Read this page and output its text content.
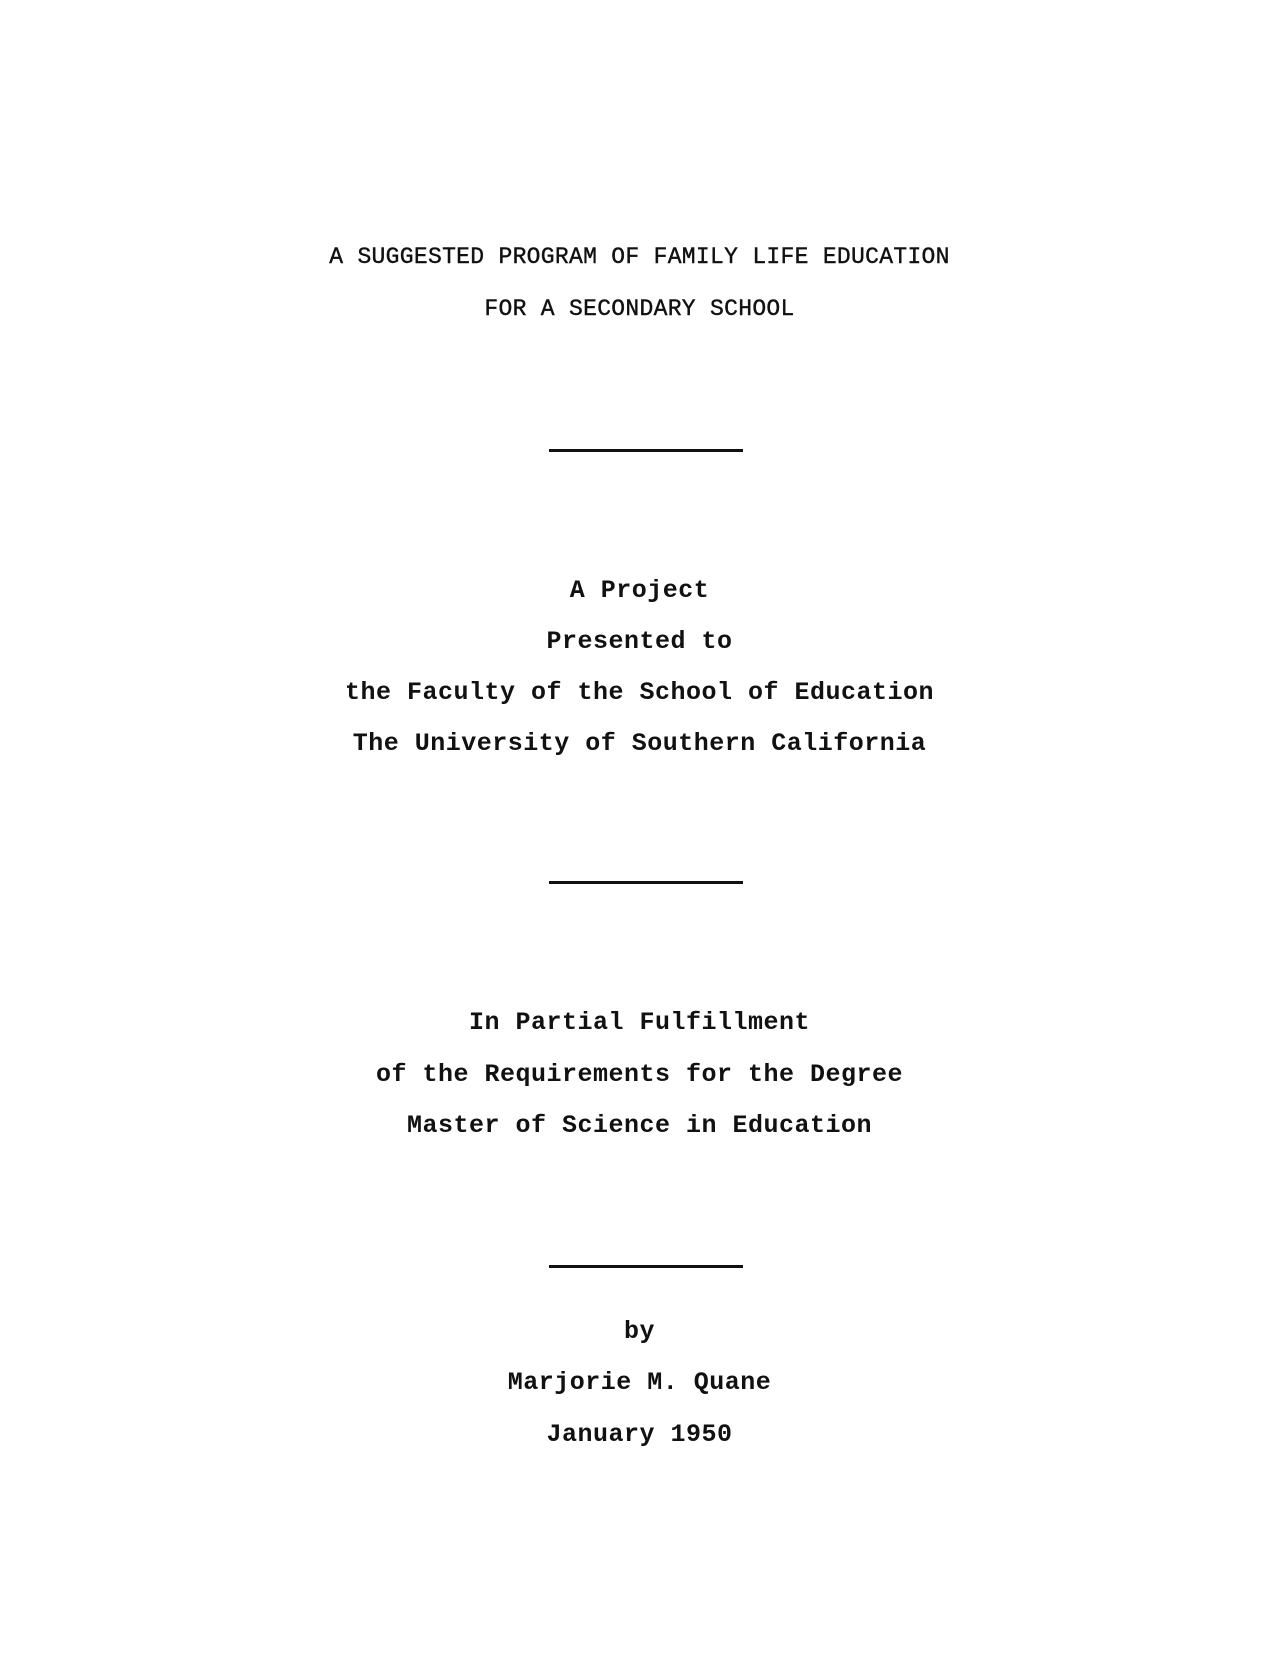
A SUGGESTED PROGRAM OF FAMILY LIFE EDUCATION
FOR A SECONDARY SCHOOL
A Project
Presented to
the Faculty of the School of Education
The University of Southern California
In Partial Fulfillment
of the Requirements for the Degree
Master of Science in Education
by
Marjorie M. Quane
January 1950
